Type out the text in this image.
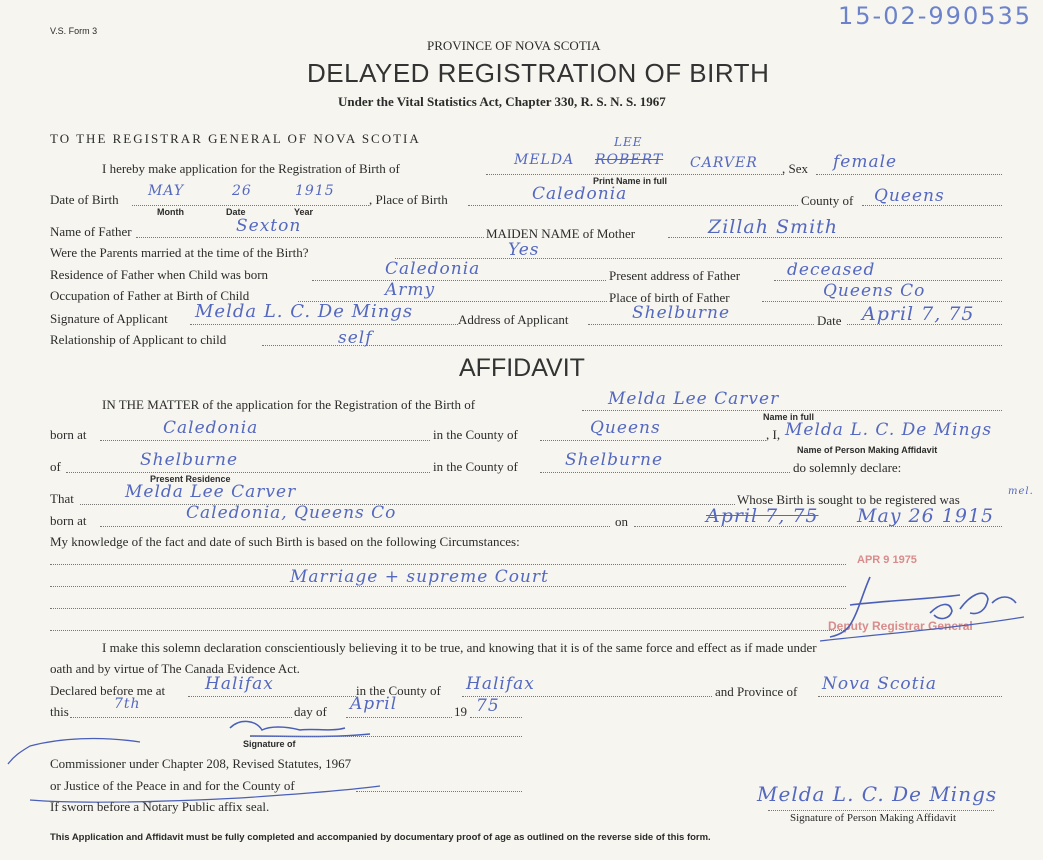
V.S. Form 3
15-02-990535
PROVINCE OF NOVA SCOTIA
DELAYED REGISTRATION OF BIRTH
Under the Vital Statistics Act, Chapter 330, R. S. N. S. 1967
TO THE REGISTRAR GENERAL OF NOVA SCOTIA
I hereby make application for the Registration of Birth of
MELDA ROBERT
LEE
CARVER
Print Name in full
, Sex female
Date of Birth
MAY	26	1915
Month	Date	Year
, Place of Birth	Caledonia	County of Queens
Name of Father	Sexton	MAIDEN NAME of Mother	Zillah Smith
Were the Parents married at the time of the Birth?	Yes
Residence of Father when Child was born	Caledonia	Present address of Father	deceased
Occupation of Father at Birth of Child	Army	Place of birth of Father	Queens Co
Signature of Applicant Melda L. C. De Mings	Address of Applicant	Shelburne	Date April 7, 75
Relationship of Applicant to child	self
AFFIDAVIT
IN THE MATTER of the application for the Registration of the Birth of	Melda Lee Carver
Name in full
born at	Caledonia	in the County of	Queens	, I, Melda L. C. De Mings
Name of Person Making Affidavit
of	Shelburne
Present Residence
in the County of	Shelburne	do solemnly declare:
That	Melda Lee Carver	Whose Birth is sought to be registered was
mel.
born at	Caledonia, Queens Co	on	April 7, 75 May 26 1915
My knowledge of the fact and date of such Birth is based on the following Circumstances:
Marriage + supreme Court
APR 9 1975
Deputy Registrar General
I make this solemn declaration conscientiously believing it to be true, and knowing that it is of the same force and effect as if made under
oath and by virtue of The Canada Evidence Act.
Declared before me at Halifax	in the County of Halifax	and Province of Nova Scotia
this	7th	day of April	19 75
Signature of
Commissioner under Chapter 208, Revised Statutes, 1967
or Justice of the Peace in and for the County of
If sworn before a Notary Public affix seal.
Melda L. C. De Mings
Signature of Person Making Affidavit
This Application and Affidavit must be fully completed and accompanied by documentary proof of age as outlined on the reverse side of this form.
